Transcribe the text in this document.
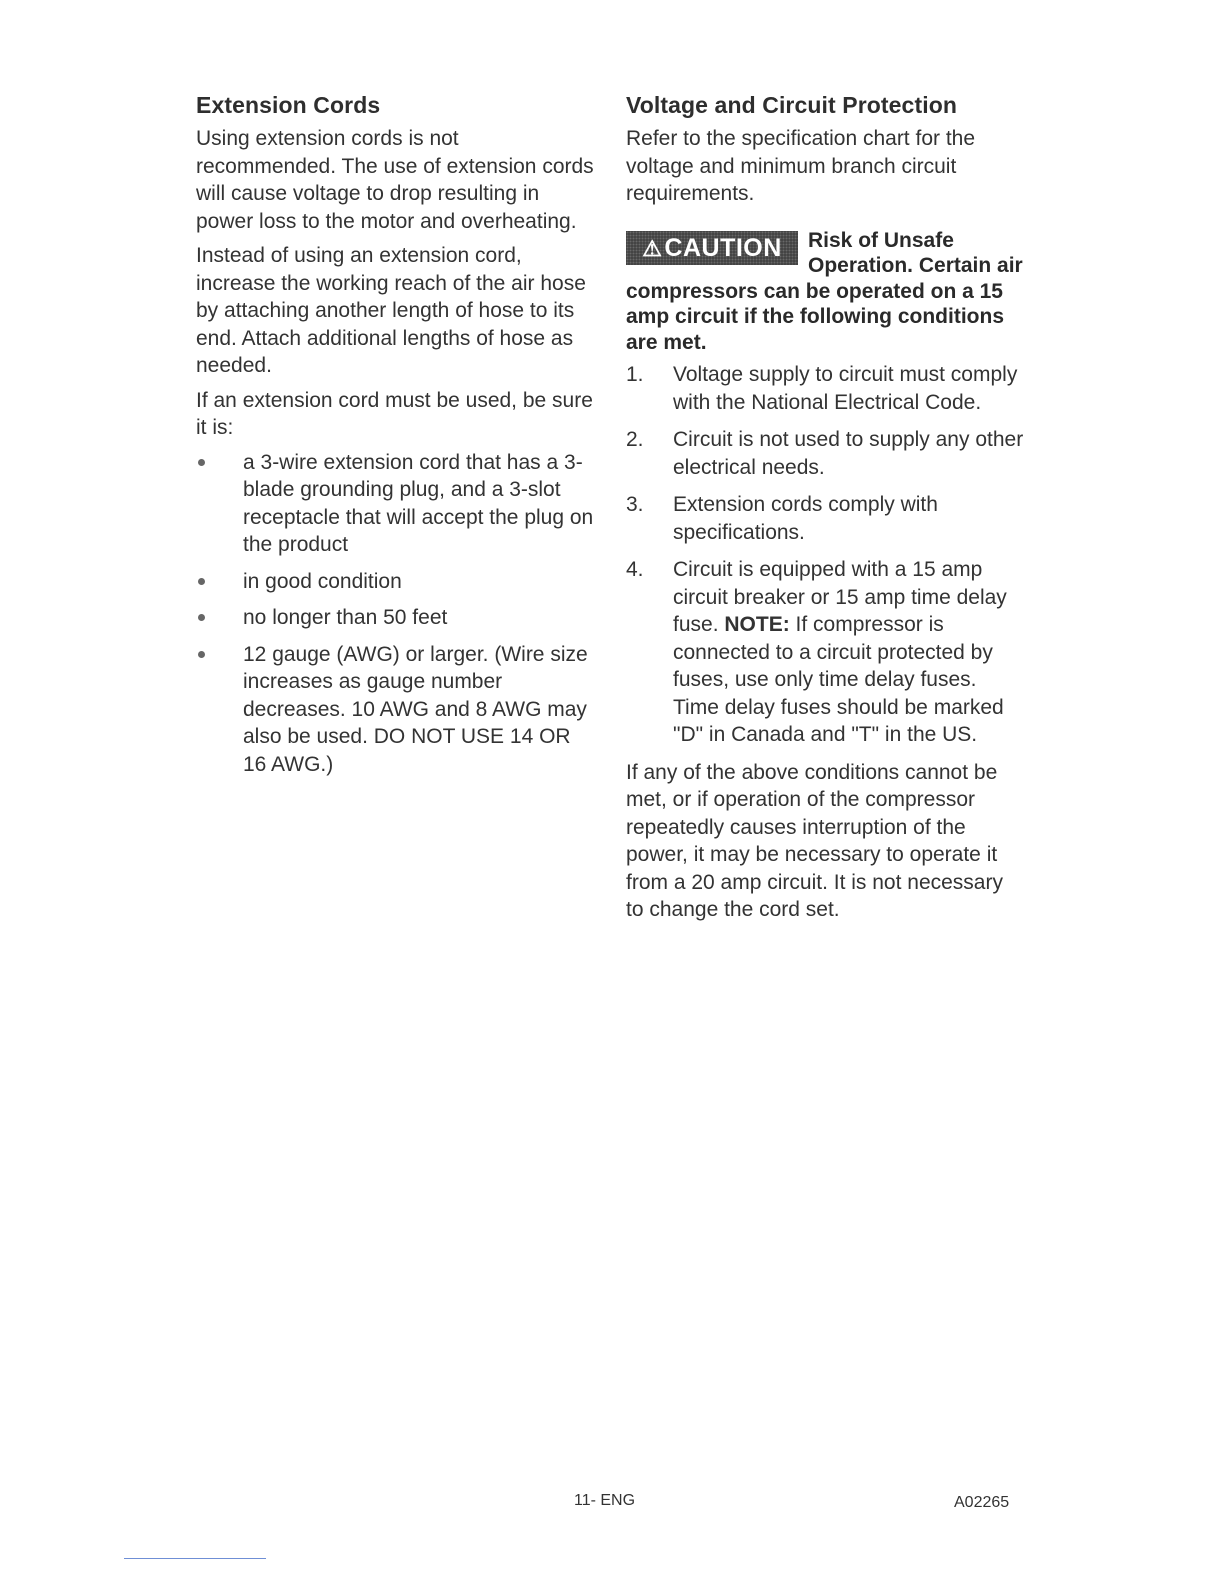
Extension Cords

Using extension cords is not recommended. The use of extension cords will cause voltage to drop resulting in power loss to the motor and overheating.

Instead of using an extension cord, increase the working reach of the air hose by attaching another length of hose to its end. Attach additional lengths of hose as needed.

If an extension cord must be used, be sure it is:

a 3-wire extension cord that has a 3-blade grounding plug, and a 3-slot receptacle that will accept the plug on the product
in good condition
no longer than 50 feet
12 gauge (AWG) or larger. (Wire size increases as gauge number decreases. 10 AWG and 8 AWG may also be used. DO NOT USE 14 OR 16 AWG.)
Voltage and Circuit Protection

Refer to the specification chart for the voltage and minimum branch circuit requirements.

⚠CAUTION	Risk of Unsafe Operation. Certain air compressors can be operated on a 15 amp circuit if the following conditions are met.

1. Voltage supply to circuit must comply with the National Electrical Code.
2. Circuit is not used to supply any other electrical needs.
3. Extension cords comply with specifications.
4. Circuit is equipped with a 15 amp circuit breaker or 15 amp time delay fuse. NOTE: If compressor is connected to a circuit protected by fuses, use only time delay fuses. Time delay fuses should be marked "D" in Canada and "T" in the US.

If any of the above conditions cannot be met, or if operation of the compressor repeatedly causes interruption of the power, it may be necessary to operate it from a 20 amp circuit. It is not necessary to change the cord set.

11- ENG	A02265
